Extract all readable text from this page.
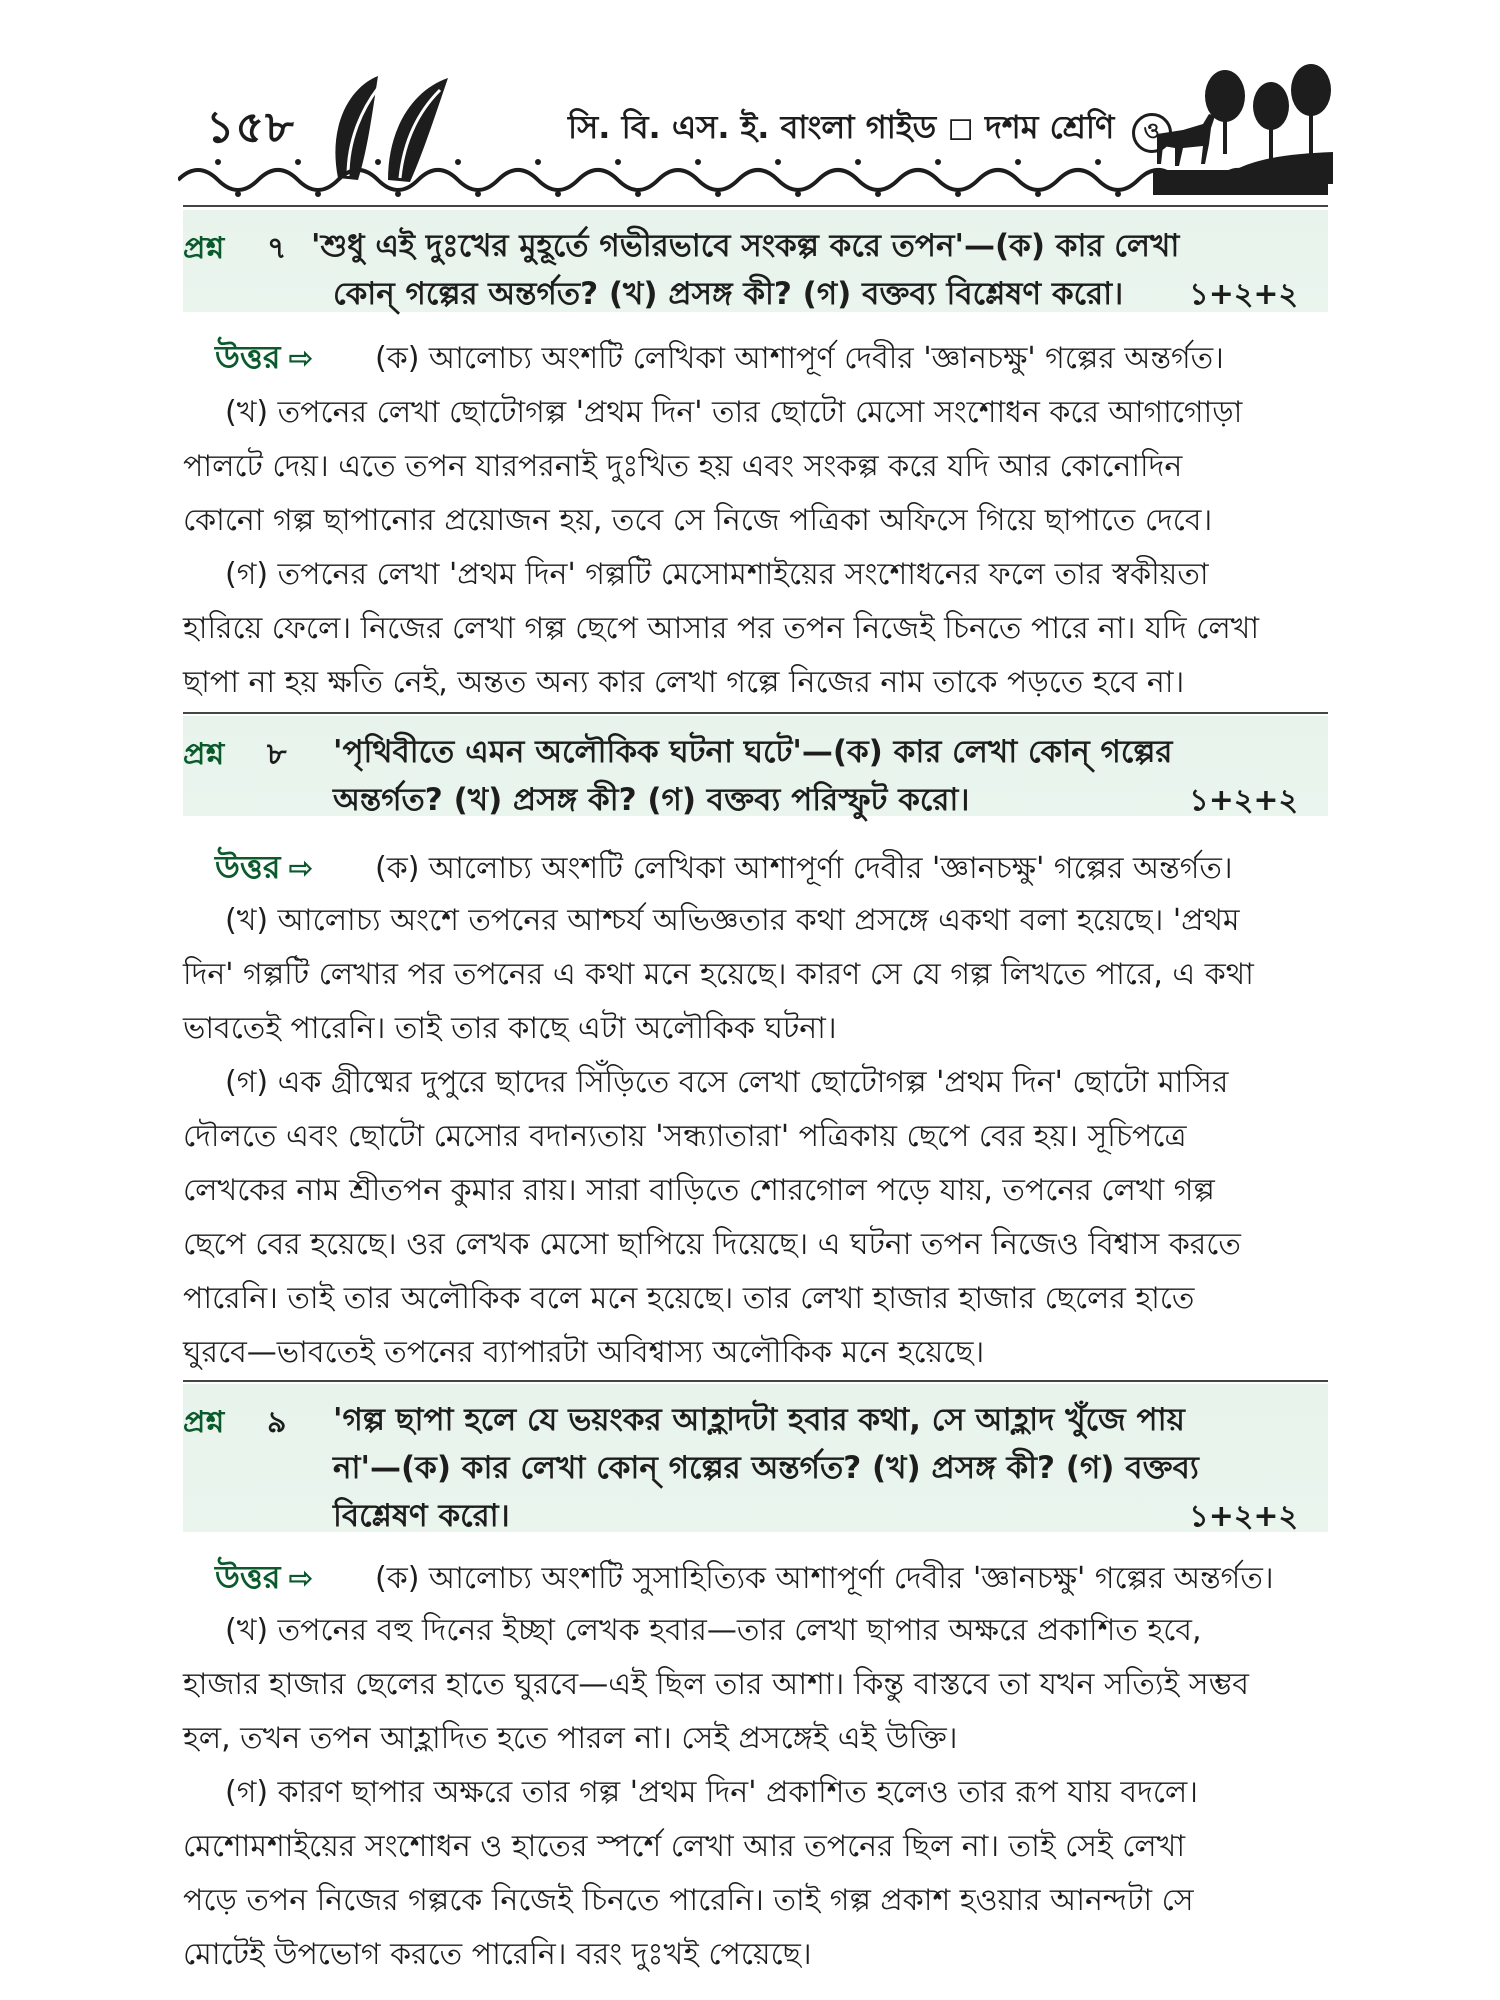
১৫৮	সি. বি. এস. ই. বাংলা গাইড ◻ দশম শ্রেণি ও
প্রশ্ন ৭ 'শুধু এই দুঃখের মুহূর্তে গভীরভাবে সংকল্প করে তপন'—(ক) কার লেখা
কোন্ গল্পের অন্তর্গত? (খ) প্রসঙ্গ কী? (গ) বক্তব্য বিশ্লেষণ করো। ১+২+২
উত্তর ⇨ (ক) আলোচ্য অংশটি লেখিকা আশাপূর্ণ দেবীর 'জ্ঞানচক্ষু' গল্পের অন্তর্গত।
(খ) তপনের লেখা ছোটোগল্প 'প্রথম দিন' তার ছোটো মেসো সংশোধন করে আগাগোড়া
পালটে দেয়। এতে তপন যারপরনাই দুঃখিত হয় এবং সংকল্প করে যদি আর কোনোদিন
কোনো গল্প ছাপানোর প্রয়োজন হয়, তবে সে নিজে পত্রিকা অফিসে গিয়ে ছাপাতে দেবে।
(গ) তপনের লেখা 'প্রথম দিন' গল্পটি মেসোমশাইয়ের সংশোধনের ফলে তার স্বকীয়তা
হারিয়ে ফেলে। নিজের লেখা গল্প ছেপে আসার পর তপন নিজেই চিনতে পারে না। যদি লেখা
ছাপা না হয় ক্ষতি নেই, অন্তত অন্য কার লেখা গল্পে নিজের নাম তাকে পড়তে হবে না।
প্রশ্ন ৮ 'পৃথিবীতে এমন অলৌকিক ঘটনা ঘটে'—(ক) কার লেখা কোন্ গল্পের
অন্তর্গত? (খ) প্রসঙ্গ কী? (গ) বক্তব্য পরিস্ফুট করো।	১+২+২
উত্তর ⇨ (ক) আলোচ্য অংশটি লেখিকা আশাপূর্ণা দেবীর 'জ্ঞানচক্ষু' গল্পের অন্তর্গত।
(খ) আলোচ্য অংশে তপনের আশ্চর্য অভিজ্ঞতার কথা প্রসঙ্গে একথা বলা হয়েছে। 'প্রথম
দিন' গল্পটি লেখার পর তপনের এ কথা মনে হয়েছে। কারণ সে যে গল্প লিখতে পারে, এ কথা
ভাবতেই পারেনি। তাই তার কাছে এটা অলৌকিক ঘটনা।
(গ) এক গ্রীষ্মের দুপুরে ছাদের সিঁড়িতে বসে লেখা ছোটোগল্প 'প্রথম দিন' ছোটো মাসির
দৌলতে এবং ছোটো মেসোর বদান্যতায় 'সন্ধ্যাতারা' পত্রিকায় ছেপে বের হয়। সূচিপত্রে
লেখকের নাম শ্রীতপন কুমার রায়। সারা বাড়িতে শোরগোল পড়ে যায়, তপনের লেখা গল্প
ছেপে বের হয়েছে। ওর লেখক মেসো ছাপিয়ে দিয়েছে। এ ঘটনা তপন নিজেও বিশ্বাস করতে
পারেনি। তাই তার অলৌকিক বলে মনে হয়েছে। তার লেখা হাজার হাজার ছেলের হাতে
ঘুরবে—ভাবতেই তপনের ব্যাপারটা অবিশ্বাস্য অলৌকিক মনে হয়েছে।
প্রশ্ন ৯ 'গল্প ছাপা হলে যে ভয়ংকর আহ্লাদটা হবার কথা, সে আহ্লাদ খুঁজে পায়
না'—(ক) কার লেখা কোন্ গল্পের অন্তর্গত? (খ) প্রসঙ্গ কী? (গ) বক্তব্য
বিশ্লেষণ করো।	১+২+২
উত্তর ⇨ (ক) আলোচ্য অংশটি সুসাহিত্যিক আশাপূর্ণা দেবীর 'জ্ঞানচক্ষু' গল্পের অন্তর্গত।
(খ) তপনের বহু দিনের ইচ্ছা লেখক হবার—তার লেখা ছাপার অক্ষরে প্রকাশিত হবে,
হাজার হাজার ছেলের হাতে ঘুরবে—এই ছিল তার আশা। কিন্তু বাস্তবে তা যখন সত্যিই সম্ভব
হল, তখন তপন আহ্লাদিত হতে পারল না। সেই প্রসঙ্গেই এই উক্তি।
(গ) কারণ ছাপার অক্ষরে তার গল্প 'প্রথম দিন' প্রকাশিত হলেও তার রূপ যায় বদলে।
মেশোমশাইয়ের সংশোধন ও হাতের স্পর্শে লেখা আর তপনের ছিল না। তাই সেই লেখা
পড়ে তপন নিজের গল্পকে নিজেই চিনতে পারেনি। তাই গল্প প্রকাশ হওয়ার আনন্দটা সে
মোটেই উপভোগ করতে পারেনি। বরং দুঃখই পেয়েছে।
